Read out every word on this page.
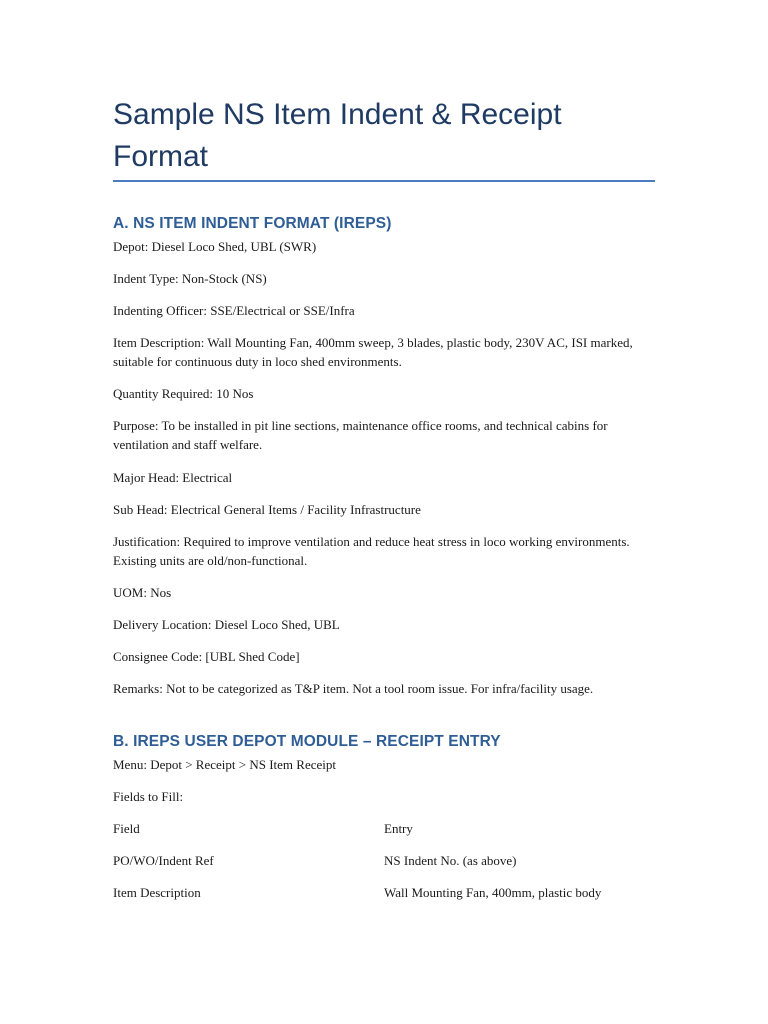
Sample NS Item Indent & Receipt Format
A. NS ITEM INDENT FORMAT (IREPS)

Depot: Diesel Loco Shed, UBL (SWR)

Indent Type: Non-Stock (NS)

Indenting Officer: SSE/Electrical or SSE/Infra

Item Description: Wall Mounting Fan, 400mm sweep, 3 blades, plastic body, 230V AC, ISI marked, suitable for continuous duty in loco shed environments.

Quantity Required: 10 Nos

Purpose: To be installed in pit line sections, maintenance office rooms, and technical cabins for ventilation and staff welfare.

Major Head: Electrical

Sub Head: Electrical General Items / Facility Infrastructure

Justification: Required to improve ventilation and reduce heat stress in loco working environments. Existing units are old/non-functional.

UOM: Nos

Delivery Location: Diesel Loco Shed, UBL

Consignee Code: [UBL Shed Code]

Remarks: Not to be categorized as T&P item. Not a tool room issue. For infra/facility usage.

B. IREPS USER DEPOT MODULE – RECEIPT ENTRY

Menu: Depot > Receipt > NS Item Receipt

Fields to Fill:

Field	Entry
PO/WO/Indent Ref	NS Indent No. (as above)
Item Description	Wall Mounting Fan, 400mm, plastic body
